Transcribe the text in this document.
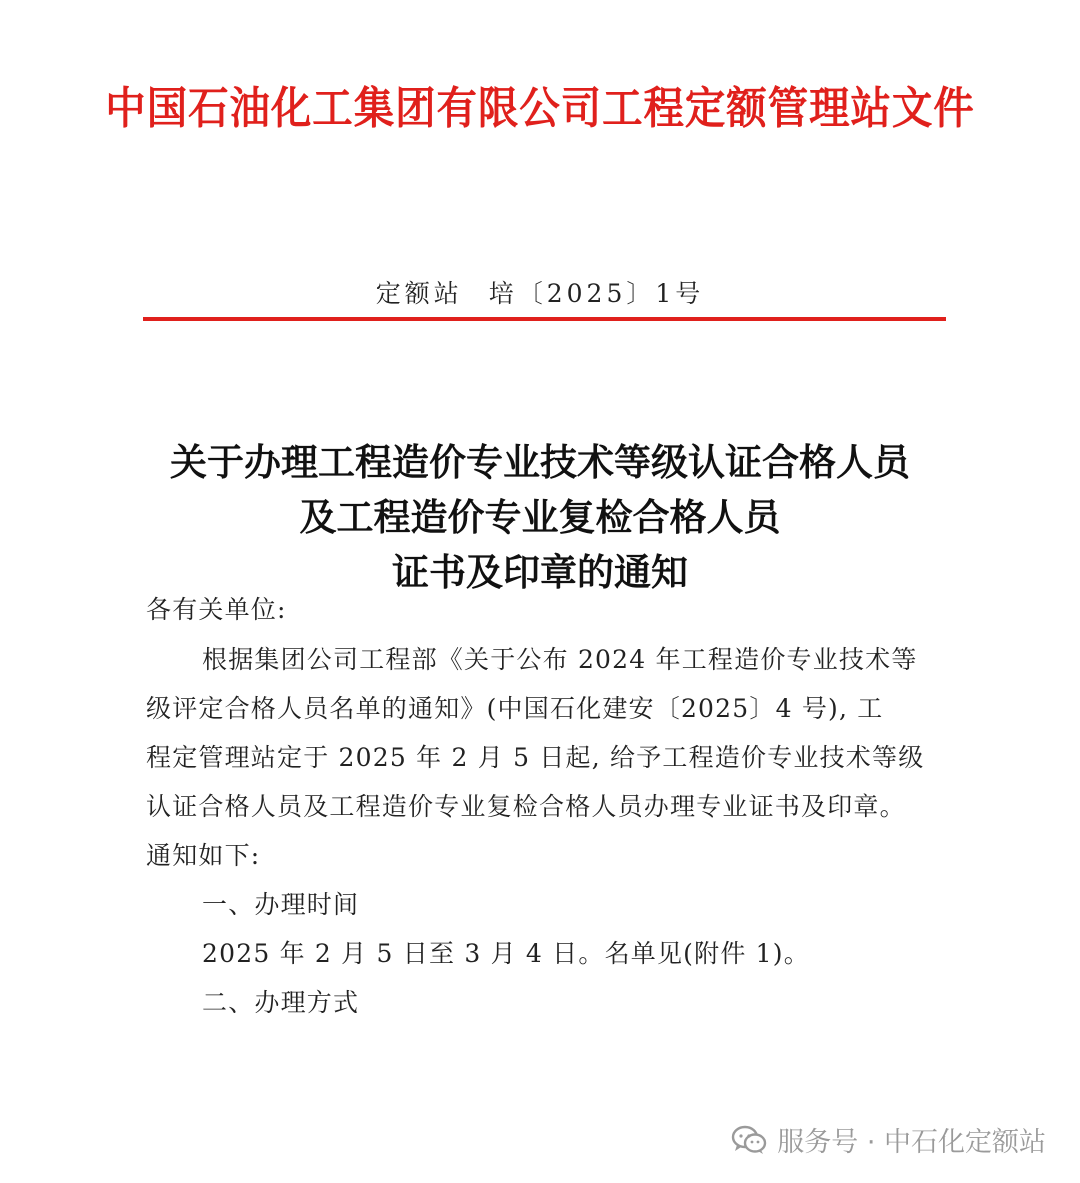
中国石油化工集团有限公司工程定额管理站文件
定额站 培〔2025〕1号
关于办理工程造价专业技术等级认证合格人员
及工程造价专业复检合格人员
证书及印章的通知
各有关单位:
根据集团公司工程部《关于公布 2024 年工程造价专业技术等
级评定合格人员名单的通知》(中国石化建安〔2025〕4 号), 工
程定管理站定于 2025 年 2 月 5 日起, 给予工程造价专业技术等级
认证合格人员及工程造价专业复检合格人员办理专业证书及印章。
通知如下:
一、办理时间
2025 年 2 月 5 日至 3 月 4 日。名单见(附件 1)。
二、办理方式
服务号 · 中石化定额站
